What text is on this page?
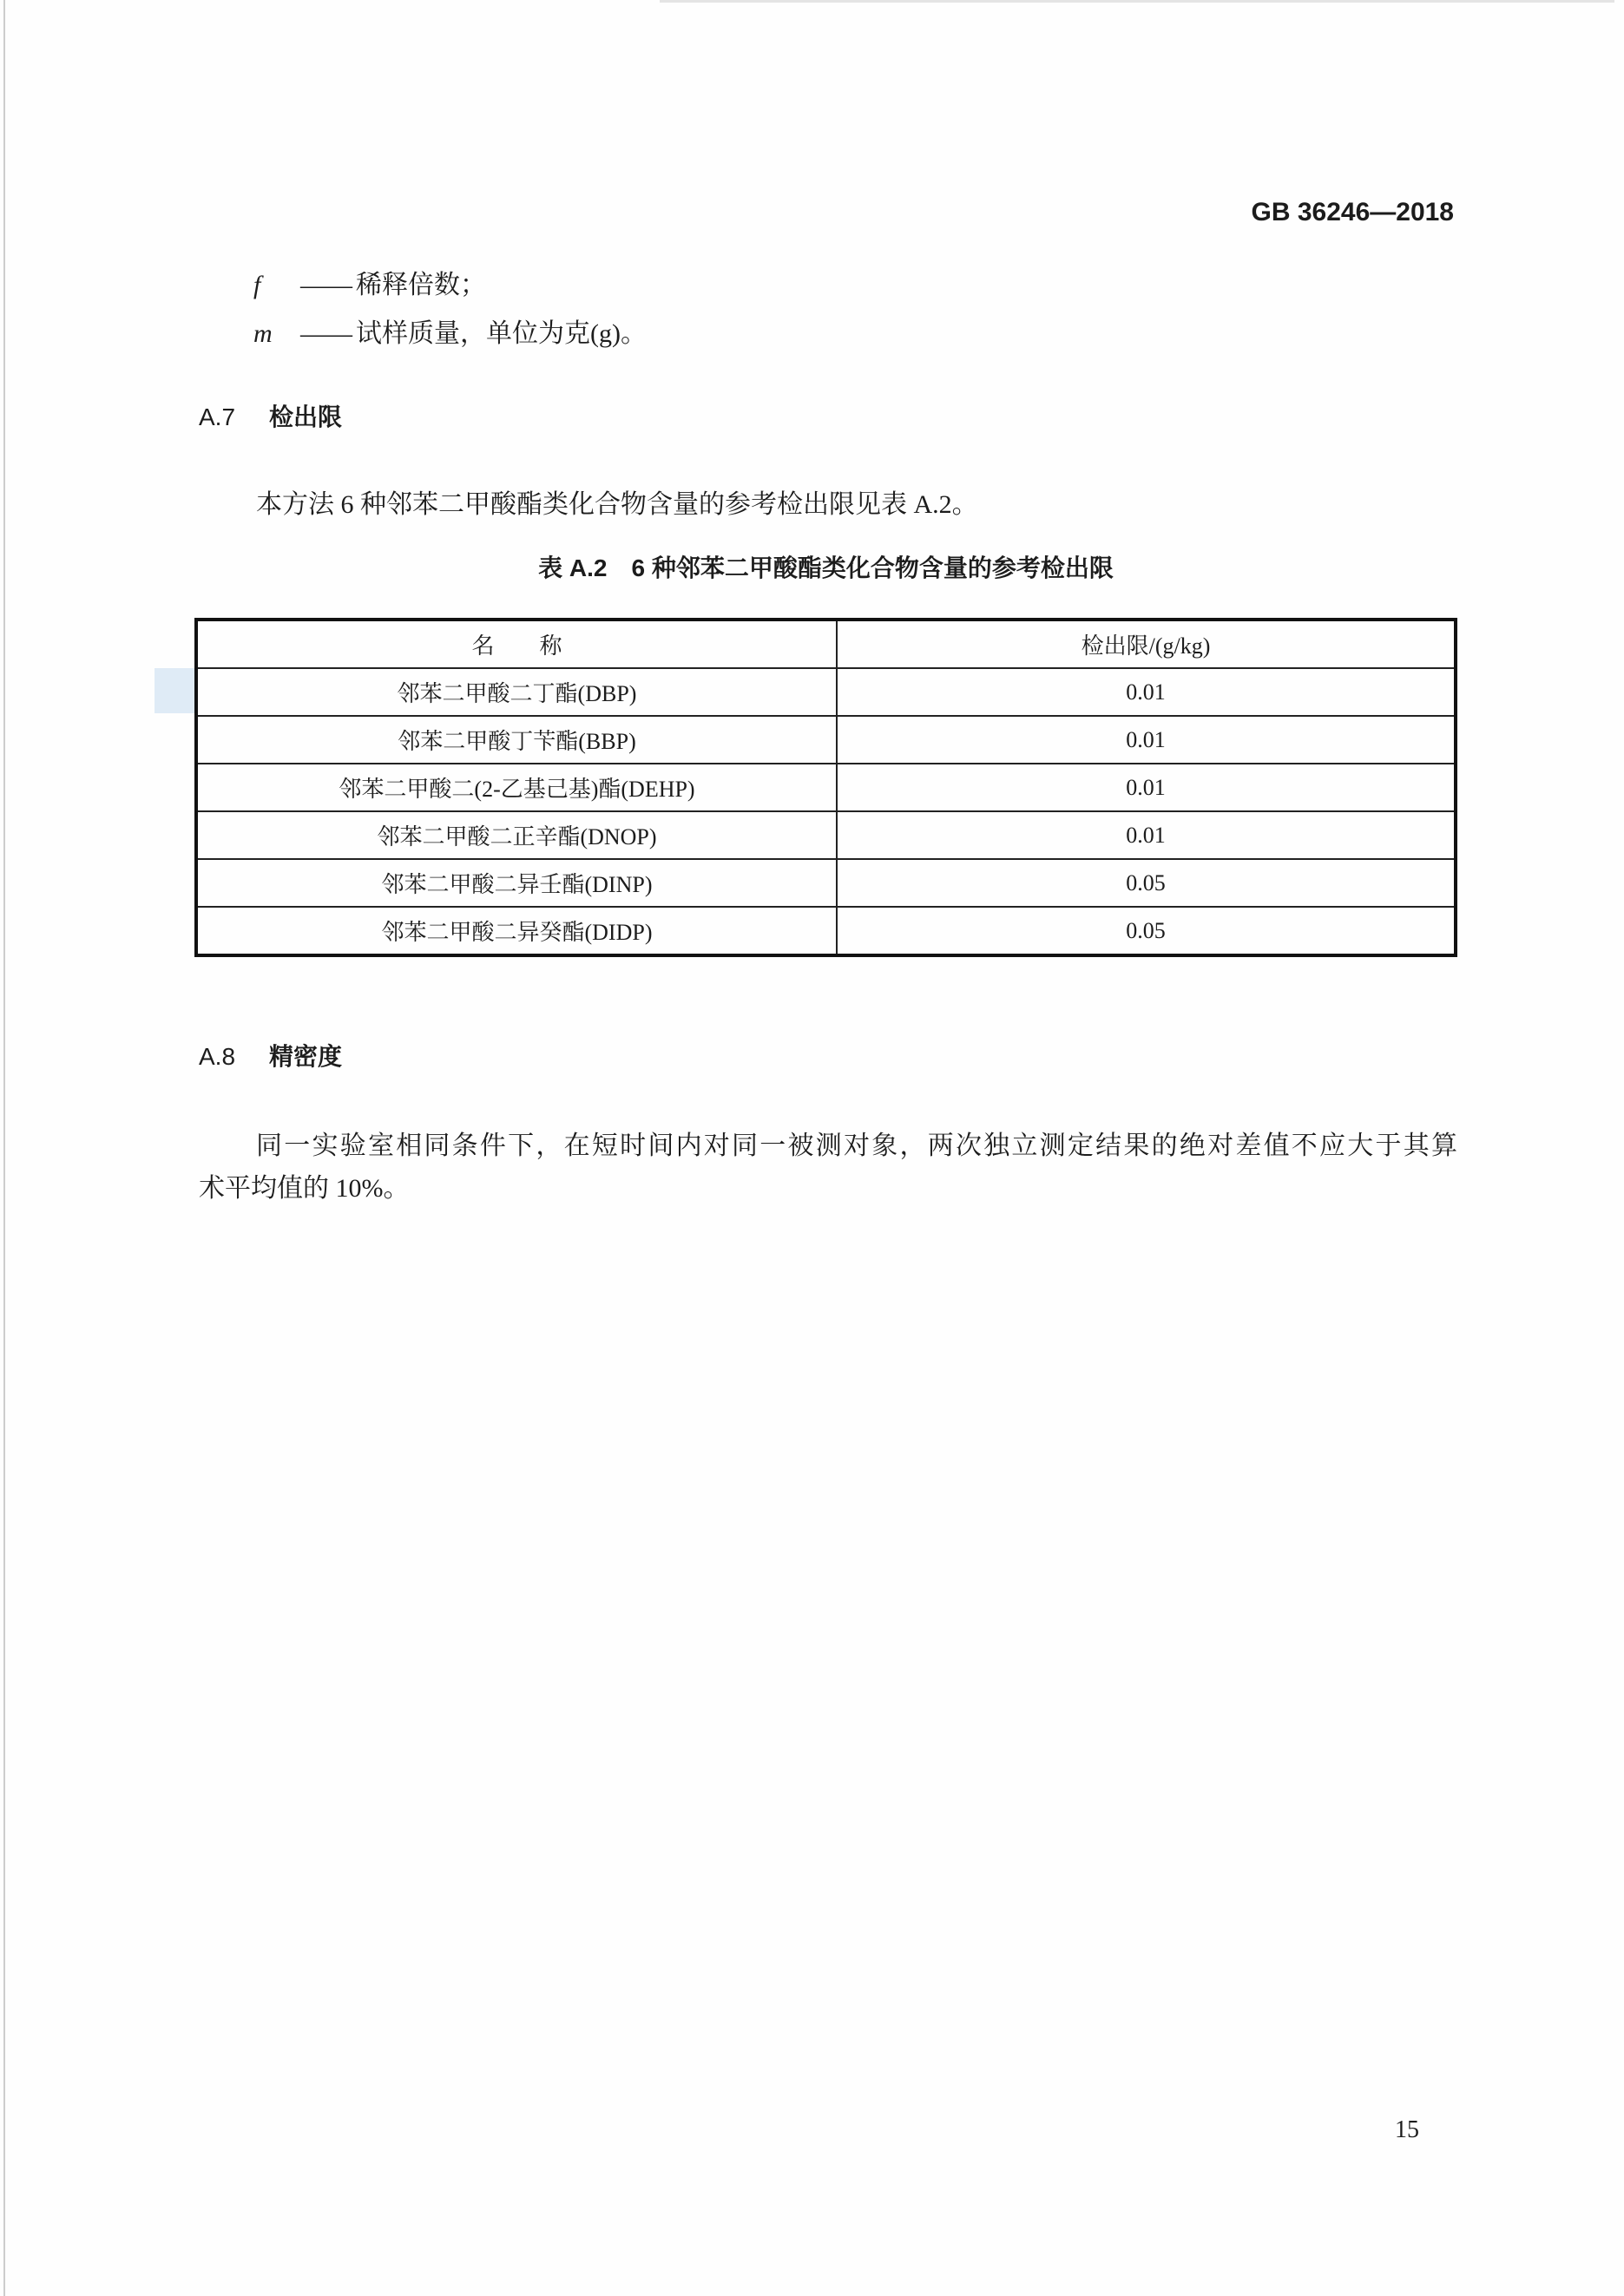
GB 36246—2018
f —— 稀释倍数；
m —— 试样质量，单位为克(g)。
A.7 检出限
本方法 6 种邻苯二甲酸酯类化合物含量的参考检出限见表 A.2。
表 A.2 6 种邻苯二甲酸酯类化合物含量的参考检出限
名　　称	检出限/(g/kg)
邻苯二甲酸二丁酯(DBP)	0.01
邻苯二甲酸丁苄酯(BBP)	0.01
邻苯二甲酸二(2-乙基己基)酯(DEHP)	0.01
邻苯二甲酸二正辛酯(DNOP)	0.01
邻苯二甲酸二异壬酯(DINP)	0.05
邻苯二甲酸二异癸酯(DIDP)	0.05
A.8 精密度
同一实验室相同条件下，在短时间内对同一被测对象，两次独立测定结果的绝对差值不应大于其算
术平均值的 10%。
15
